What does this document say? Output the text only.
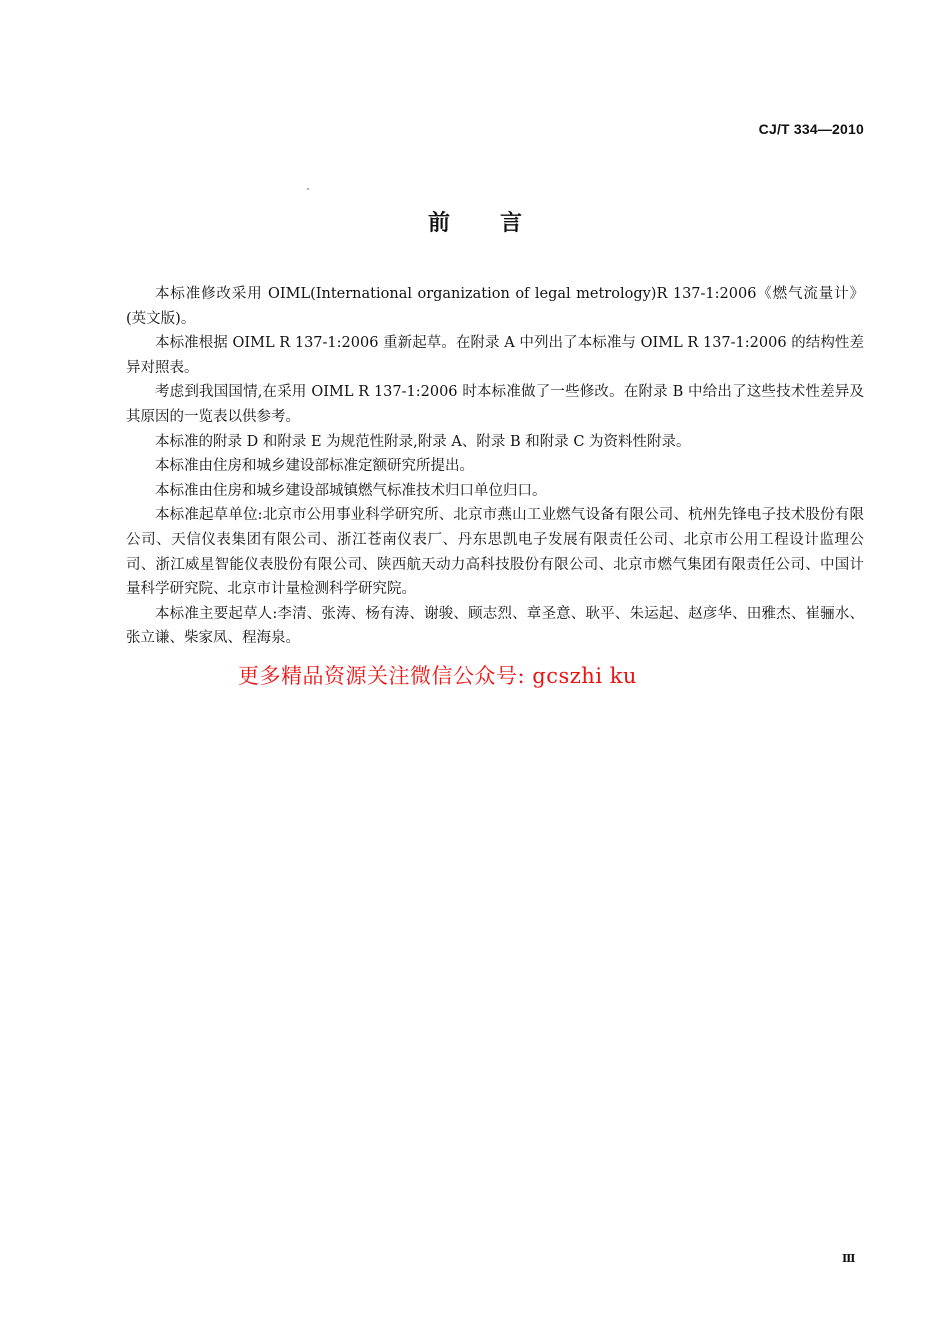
CJ/T 334—2010
前言

本标准修改采用 OIML(International organization of legal metrology)R 137-1:2006《燃气流量计》(英文版)。

本标准根据 OIML R 137-1:2006 重新起草。在附录 A 中列出了本标准与 OIML R 137-1:2006 的结构性差异对照表。

考虑到我国国情,在采用 OIML R 137-1:2006 时本标准做了一些修改。在附录 B 中给出了这些技术性差异及其原因的一览表以供参考。

本标准的附录 D 和附录 E 为规范性附录,附录 A、附录 B 和附录 C 为资料性附录。

本标准由住房和城乡建设部标准定额研究所提出。

本标准由住房和城乡建设部城镇燃气标准技术归口单位归口。

本标准起草单位:北京市公用事业科学研究所、北京市燕山工业燃气设备有限公司、杭州先锋电子技术股份有限公司、天信仪表集团有限公司、浙江苍南仪表厂、丹东思凯电子发展有限责任公司、北京市公用工程设计监理公司、浙江威星智能仪表股份有限公司、陕西航天动力高科技股份有限公司、北京市燃气集团有限责任公司、中国计量科学研究院、北京市计量检测科学研究院。

本标准主要起草人:李清、张涛、杨有涛、谢骏、顾志烈、章圣意、耿平、朱运起、赵彦华、田雅杰、崔骊水、张立谦、柴家凤、程海泉。

更多精品资源关注微信公众号: gcszhi ku
Ⅲ
